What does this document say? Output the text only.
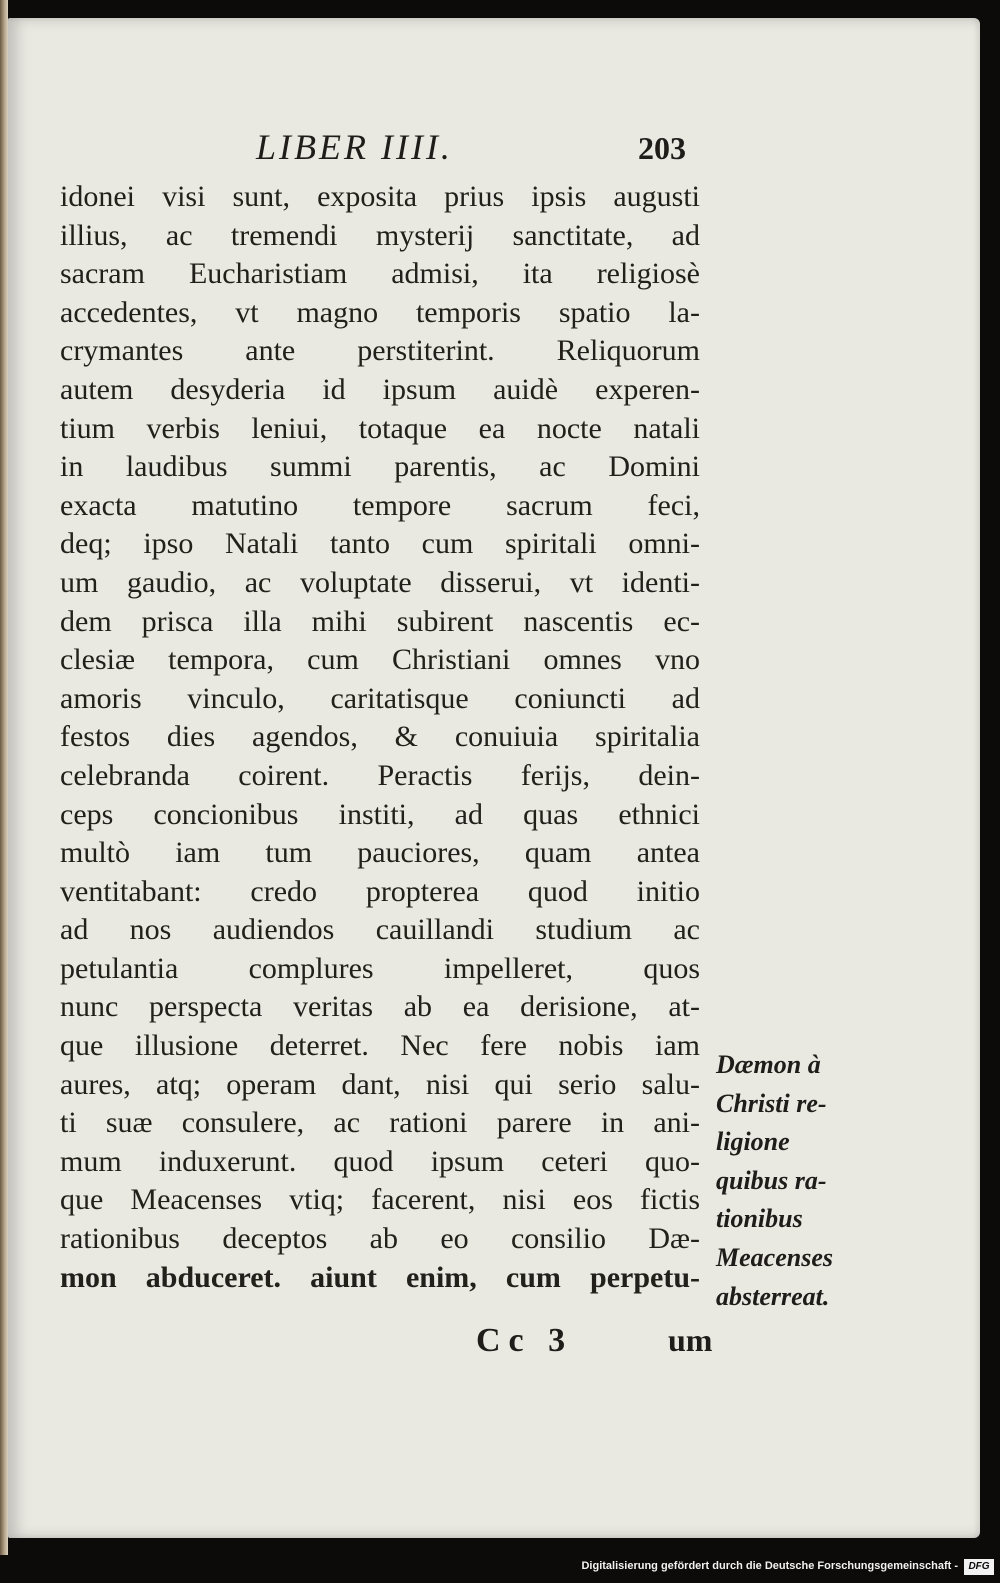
LIBER IIII.	203
idonei visi sunt, exposita prius ipsis augusti
illius, ac tremendi mysterij sanctitate, ad
sacram Eucharistiam admisi, ita religiosè
accedentes, vt magno temporis spatio la-
crymantes ante perstiterint. Reliquorum
autem desyderia id ipsum auidè experen-
tium verbis leniui, totaque ea nocte natali
in laudibus summi parentis, ac Domini
exacta matutino tempore sacrum feci,
deq; ipso Natali tanto cum spiritali omni-
um gaudio, ac voluptate disserui, vt identi-
dem prisca illa mihi subirent nascentis ec-
clesiæ tempora, cum Christiani omnes vno
amoris vinculo, caritatisque coniuncti ad
festos dies agendos, & conuiuia spiritalia
celebranda coirent. Peractis ferijs, dein-
ceps concionibus institi, ad quas ethnici
multò iam tum pauciores, quam antea
ventitabant: credo propterea quod initio
ad nos audiendos cauillandi studium ac
petulantia complures impelleret, quos
nunc perspecta veritas ab ea derisione, at-
que illusione deterret. Nec fere nobis iam
aures, atq; operam dant, nisi qui serio salu-
ti suæ consulere, ac rationi parere in ani-
mum induxerunt. quod ipsum ceteri quo-
que Meacenses vtiq; facerent, nisi eos fictis
rationibus deceptos ab eo consilio Dæ-
mon abduceret. aiunt enim, cum perpetu-
Dæmon à
Christi re-
ligione
quibus ra-
tionibus
Meacenses
absterreat.
Cc 3	um
Digitalisierung gefördert durch die Deutsche Forschungsgemeinschaft -	DFG
